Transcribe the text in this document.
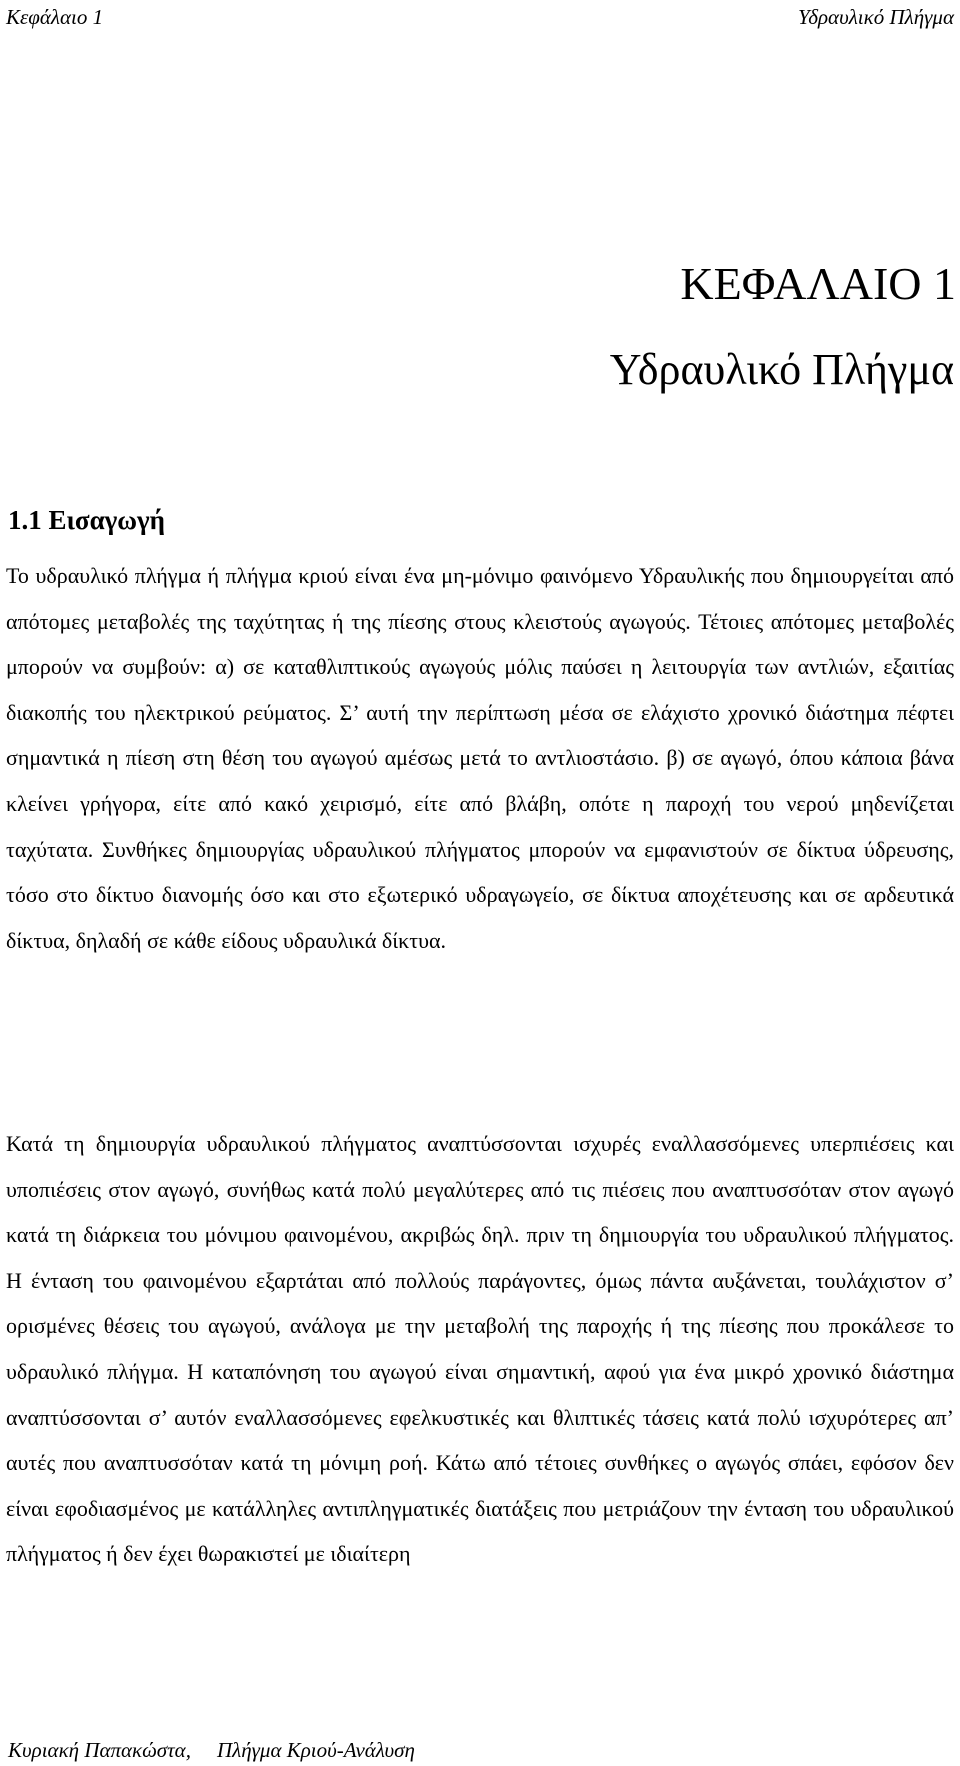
Κεφάλαιο 1	Υδραυλικό Πλήγμα
ΚΕΦΑΛΑΙΟ 1
Υδραυλικό Πλήγμα
1.1 Εισαγωγή

Το υδραυλικό πλήγμα ή πλήγμα κριού είναι ένα μη-μόνιμο φαινόμενο Υδραυλικής που δημιουργείται από απότομες μεταβολές της ταχύτητας ή της πίεσης στους κλειστούς αγωγούς. Τέτοιες απότομες μεταβολές μπορούν να συμβούν: α) σε καταθλιπτικούς αγωγούς μόλις παύσει η λειτουργία των αντλιών, εξαιτίας διακοπής του ηλεκτρικού ρεύματος. Σ’ αυτή την περίπτωση μέσα σε ελάχιστο χρονικό διάστημα πέφτει σημαντικά η πίεση στη θέση του αγωγού αμέσως μετά το αντλιοστάσιο. β) σε αγωγό, όπου κάποια βάνα κλείνει γρήγορα, είτε από κακό χειρισμό, είτε από βλάβη, οπότε η παροχή του νερού μηδενίζεται ταχύτατα. Συνθήκες δημιουργίας υδραυλικού πλήγματος μπορούν να εμφανιστούν σε δίκτυα ύδρευσης, τόσο στο δίκτυο διανομής όσο και στο εξωτερικό υδραγωγείο, σε δίκτυα αποχέτευσης και σε αρδευτικά δίκτυα, δηλαδή σε κάθε είδους υδραυλικά δίκτυα.

Κατά τη δημιουργία υδραυλικού πλήγματος αναπτύσσονται ισχυρές εναλλασσόμενες υπερπιέσεις και υποπιέσεις στον αγωγό, συνήθως κατά πολύ μεγαλύτερες από τις πιέσεις που αναπτυσσόταν στον αγωγό κατά τη διάρκεια του μόνιμου φαινομένου, ακριβώς δηλ. πριν τη δημιουργία του υδραυλικού πλήγματος. Η ένταση του φαινομένου εξαρτάται από πολλούς παράγοντες, όμως πάντα αυξάνεται, τουλάχιστον σ’ ορισμένες θέσεις του αγωγού, ανάλογα με την μεταβολή της παροχής ή της πίεσης που προκάλεσε το υδραυλικό πλήγμα. Η καταπόνηση του αγωγού είναι σημαντική, αφού για ένα μικρό χρονικό διάστημα αναπτύσσονται σ’ αυτόν εναλλασσόμενες εφελκυστικές και θλιπτικές τάσεις κατά πολύ ισχυρότερες απ’ αυτές που αναπτυσσόταν κατά τη μόνιμη ροή. Κάτω από τέτοιες συνθήκες ο αγωγός σπάει, εφόσον δεν είναι εφοδιασμένος με κατάλληλες αντιπληγματικές διατάξεις που μετριάζουν την ένταση του υδραυλικού πλήγματος ή δεν έχει θωρακιστεί με ιδιαίτερη

Κυριακή Παπακώστα, Πλήγμα Κριού-Ανάλυση
